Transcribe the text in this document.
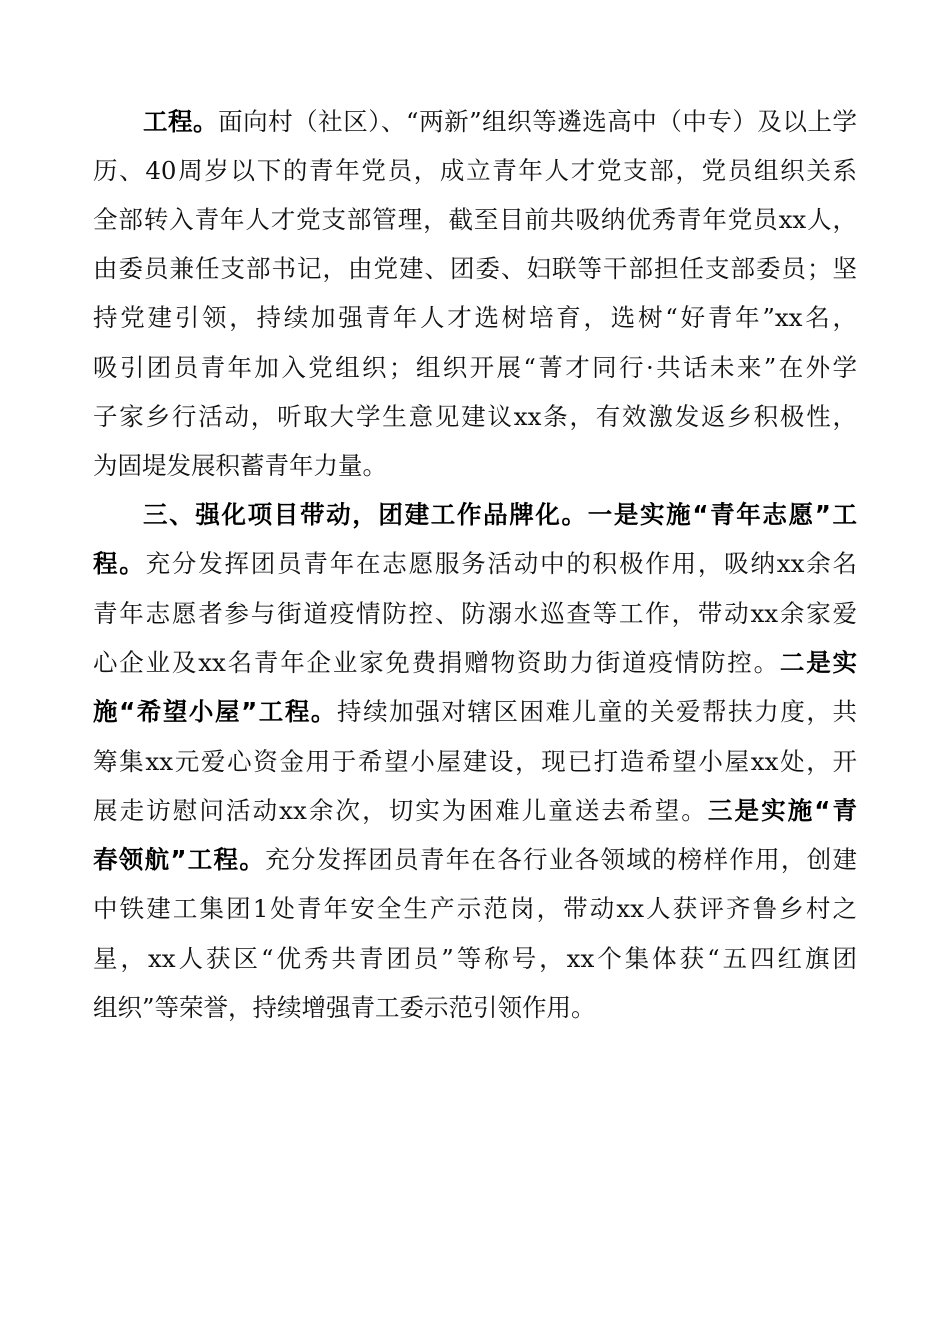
工程。面向村（社区）、“两新”组织等遴选高中（中专）及以上学
历、40周岁以下的青年党员，成立青年人才党支部，党员组织关系
全部转入青年人才党支部管理，截至目前共吸纳优秀青年党员xx人，
由委员兼任支部书记，由党建、团委、妇联等干部担任支部委员；坚
持党建引领，持续加强青年人才选树培育，选树“好青年”xx名，
吸引团员青年加入党组织；组织开展“菁才同行·共话未来”在外学
子家乡行活动，听取大学生意见建议xx条，有效激发返乡积极性，
为固堤发展积蓄青年力量。
三、强化项目带动，团建工作品牌化。一是实施“青年志愿”工
程。充分发挥团员青年在志愿服务活动中的积极作用，吸纳xx余名
青年志愿者参与街道疫情防控、防溺水巡查等工作，带动xx余家爱
心企业及xx名青年企业家免费捐赠物资助力街道疫情防控。二是实
施“希望小屋”工程。持续加强对辖区困难儿童的关爱帮扶力度，共
筹集xx元爱心资金用于希望小屋建设，现已打造希望小屋xx处，开
展走访慰问活动xx余次，切实为困难儿童送去希望。三是实施“青
春领航”工程。充分发挥团员青年在各行业各领域的榜样作用，创建
中铁建工集团1处青年安全生产示范岗，带动xx人获评齐鲁乡村之
星，xx人获区“优秀共青团员”等称号，xx个集体获“五四红旗团
组织”等荣誉，持续增强青工委示范引领作用。
